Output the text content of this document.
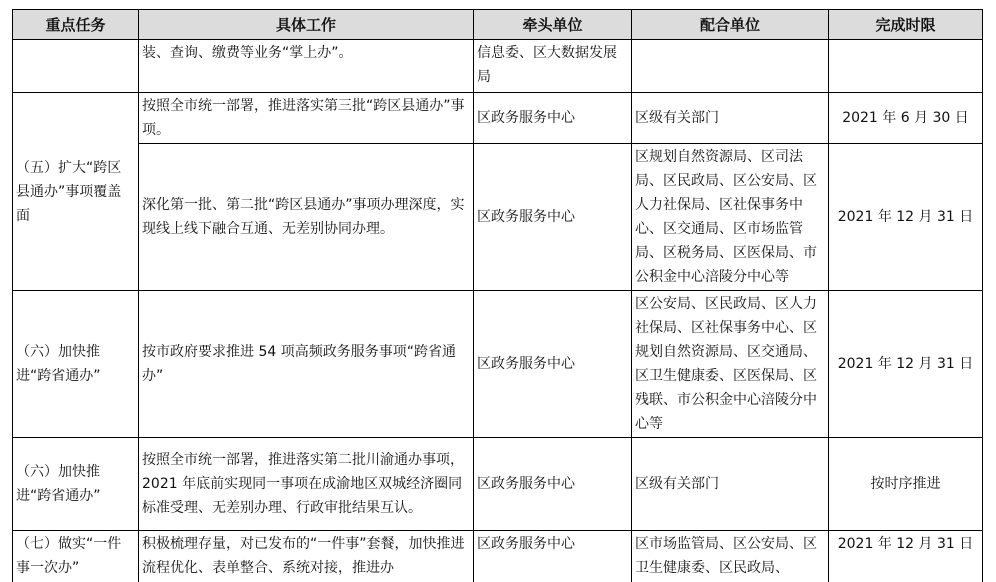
重点任务	具体工作	牵头单位	配合单位	完成时限
	装、查询、缴费等业务“掌上办”。	信息委、区大数据发展局		
（五）扩大“跨区县通办”事项覆盖面	按照全市统一部署，推进落实第三批“跨区县通办”事项。	区政务服务中心	区级有关部门	2021 年 6 月 30 日
	深化第一批、第二批“跨区县通办”事项办理深度，实现线上线下融合互通、无差别协同办理。	区政务服务中心	区规划自然资源局、区司法局、区民政局、区公安局、区人力社保局、区社保事务中心、区交通局、区市场监管局、区税务局、区医保局、市公积金中心涪陵分中心等	2021 年 12 月 31 日
（六）加快推进“跨省通办”	按市政府要求推进 54 项高频政务服务事项“跨省通办”	区政务服务中心	区公安局、区民政局、区人力社保局、区社保事务中心、区规划自然资源局、区交通局、区卫生健康委、区医保局、区残联、市公积金中心涪陵分中心等	2021 年 12 月 31 日
（六）加快推进“跨省通办”	按照全市统一部署，推进落实第二批川渝通办事项，2021 年底前实现同一事项在成渝地区双城经济圈同标准受理、无差别办理、行政审批结果互认。	区政务服务中心	区级有关部门	按时序推进
（七）做实“一件事一次办”	积极梳理存量，对已发布的“一件事”套餐，加快推进流程优化、表单整合、系统对接，推进办	区政务服务中心	区市场监管局、区公安局、区卫生健康委、区民政局、	2021 年 12 月 31 日
